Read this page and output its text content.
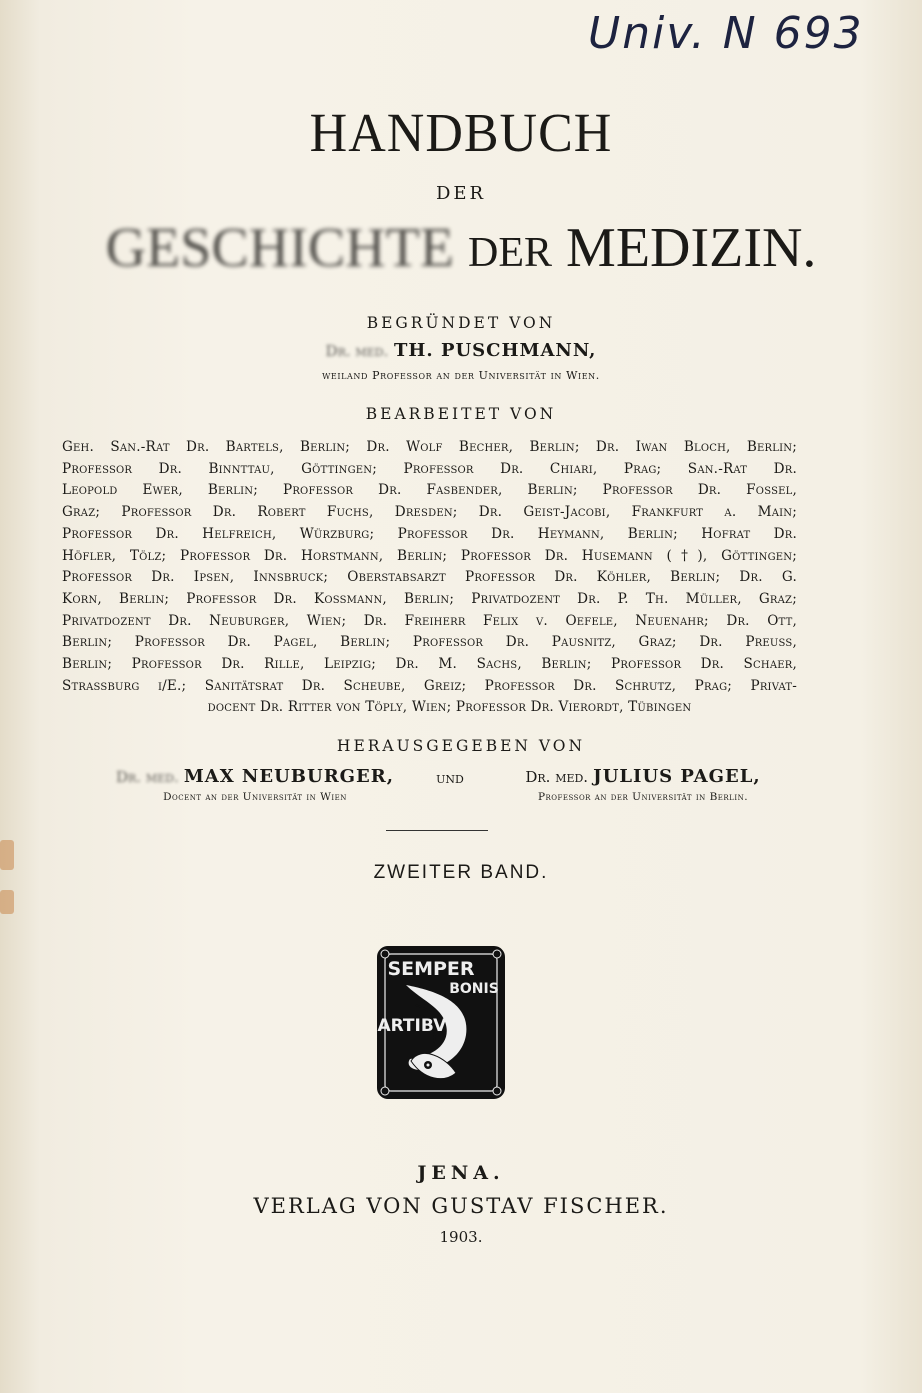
Univ. N 693
HANDBUCH
DER
GESCHICHTE DER MEDIZIN.
BEGRÜNDET VON
Dr. med. TH. PUSCHMANN,
weiland Professor an der Universität in Wien.
BEARBEITET VON
Geh. San.-Rat Dr. Bartels, Berlin; Dr. Wolf Becher, Berlin; Dr. Iwan Bloch, Berlin;
Professor Dr. Binnttau, Göttingen; Professor Dr. Chiari, Prag; San.-Rat Dr.
Leopold Ewer, Berlin; Professor Dr. Fasbender, Berlin; Professor Dr. Fossel,
Graz; Professor Dr. Robert Fuchs, Dresden; Dr. Geist-Jacobi, Frankfurt a. Main;
Professor Dr. Helfreich, Würzburg; Professor Dr. Heymann, Berlin; Hofrat Dr.
Höfler, Tölz; Professor Dr. Horstmann, Berlin; Professor Dr. Husemann (†), Göttingen;
Professor Dr. Ipsen, Innsbruck; Oberstabsarzt Professor Dr. Köhler, Berlin; Dr. G.
Korn, Berlin; Professor Dr. Kossmann, Berlin; Privatdozent Dr. P. Th. Müller, Graz;
Privatdozent Dr. Neuburger, Wien; Dr. Freiherr Felix v. Oefele, Neuenahr; Dr. Ott,
Berlin; Professor Dr. Pagel, Berlin; Professor Dr. Pausnitz, Graz; Dr. Preuss,
Berlin; Professor Dr. Rille, Leipzig; Dr. M. Sachs, Berlin; Professor Dr. Schaer,
Strassburg i/E.; Sanitätsrat Dr. Scheube, Greiz; Professor Dr. Schrutz, Prag; Privat-
docent Dr. Ritter von Töply, Wien; Professor Dr. Vierordt, Tübingen
HERAUSGEGEBEN VON
Dr. med. MAX NEUBURGER,
Docent an der Universität in Wien
und	Dr. med. JULIUS PAGEL,
Professor an der Universität in Berlin.
ZWEITER BAND.
SEMPER
BONIS
ARTIBVS
JENA.
VERLAG VON GUSTAV FISCHER.
1903.
